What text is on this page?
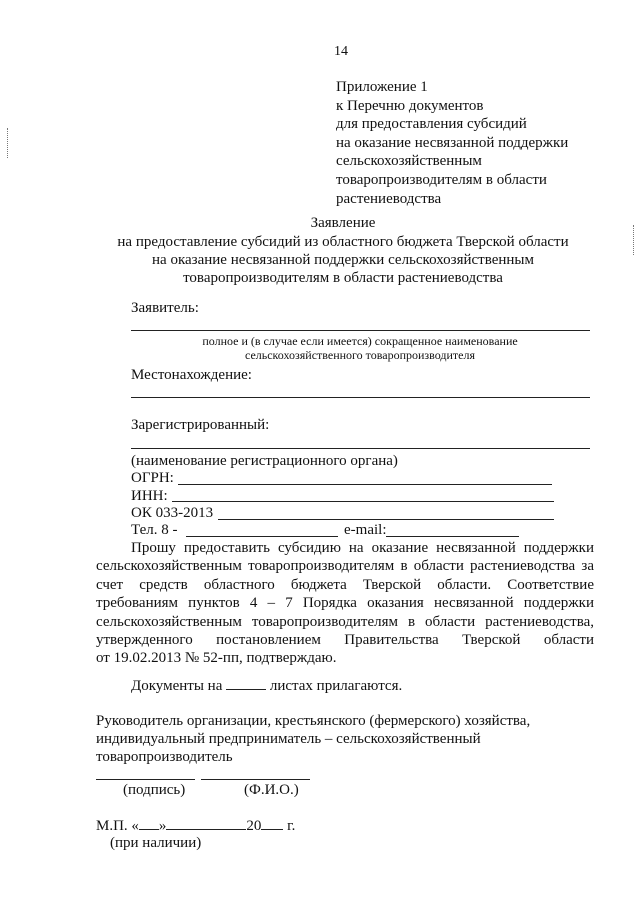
14
Приложение 1
к Перечню документов
для предоставления субсидий
на оказание несвязанной поддержки
сельскохозяйственным
товаропроизводителям в области
растениеводства
Заявление
на предоставление субсидий из областного бюджета Тверской области
на оказание несвязанной поддержки сельскохозяйственным
товаропроизводителям в области растениеводства
Заявитель:
полное и (в случае если имеется) сокращенное наименование
сельскохозяйственного товаропроизводителя
Местонахождение:
Зарегистрированный:
(наименование регистрационного органа)
ОГРН:
ИНН:
ОК 033-2013
Тел. 8 -	e-mail:
Прошу предоставить субсидию на оказание несвязанной поддержки
сельскохозяйственным товаропроизводителям в области растениеводства за
счет средств областного бюджета Тверской области. Соответствие
требованиям пунктов 4 – 7 Порядка оказания несвязанной поддержки
сельскохозяйственным товаропроизводителям в области растениеводства,
утвержденного постановлением Правительства Тверской области
от 19.02.2013 № 52-пп, подтверждаю.
Документы на	листах прилагаются.
Руководитель организации, крестьянского (фермерского) хозяйства,
индивидуальный предприниматель – сельскохозяйственный
товаропроизводитель
(подпись)	(Ф.И.О.)
М.П. « »	20 г.
(при наличии)
